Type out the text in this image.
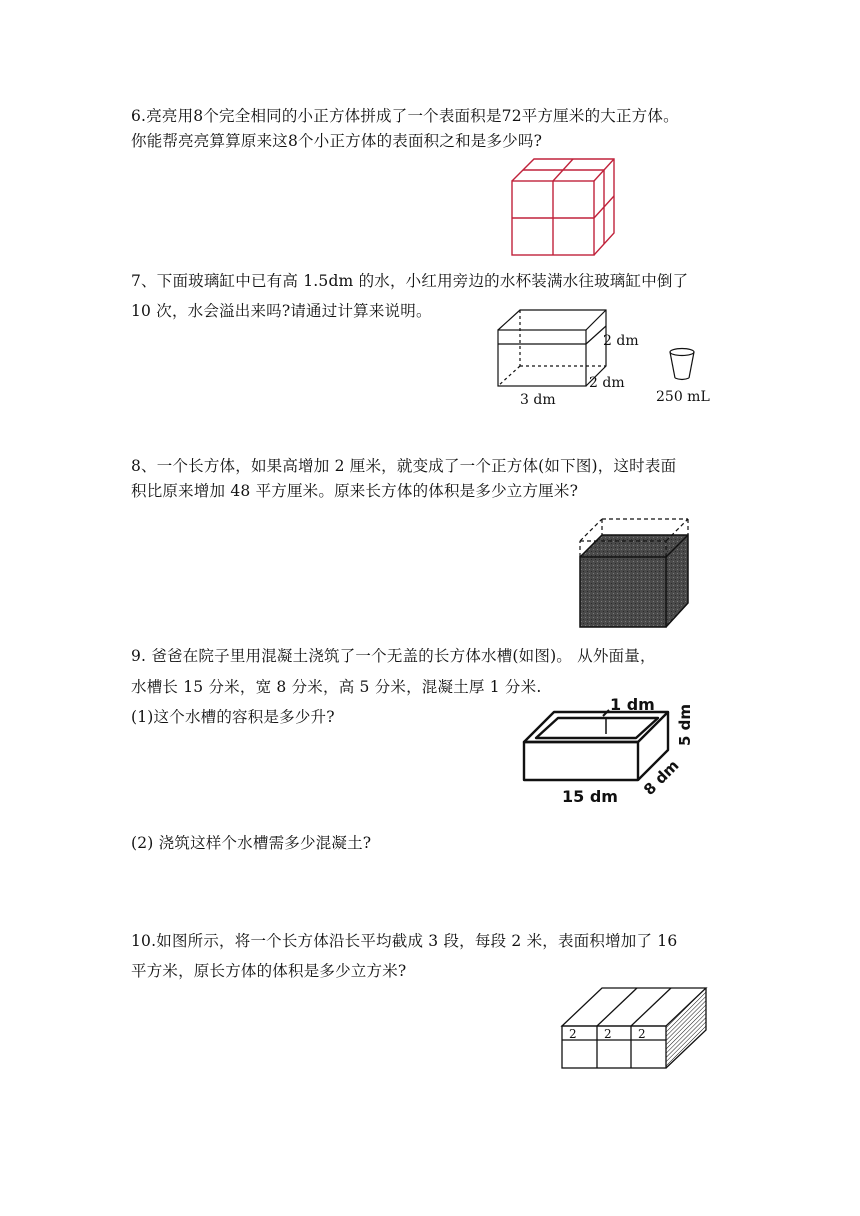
6.亮亮用8个完全相同的小正方体拼成了一个表面积是72平方厘米的大正方体。
你能帮亮亮算算原来这8个小正方体的表面积之和是多少吗?
7、下面玻璃缸中已有高 1.5dm 的水，小红用旁边的水杯装满水往玻璃缸中倒了
10 次，水会溢出来吗?请通过计算来说明。
2 dm
2 dm
3 dm	250 mL
8、一个长方体，如果高增加 2 厘米，就变成了一个正方体(如下图)，这时表面
积比原来增加 48 平方厘米。原来长方体的体积是多少立方厘米?
9. 爸爸在院子里用混凝土浇筑了一个无盖的长方体水槽(如图)。 从外面量，
水槽长 15 分米，宽 8 分米，高 5 分米，混凝土厚 1 分米.
(1)这个水槽的容积是多少升?
1 dm 5 dm
8 dm
15 dm
(2) 浇筑这样个水槽需多少混凝土?
10.如图所示，将一个长方体沿长平均截成 3 段，每段 2 米，表面积增加了 16
平方米，原长方体的体积是多少立方米?
2 2 2
